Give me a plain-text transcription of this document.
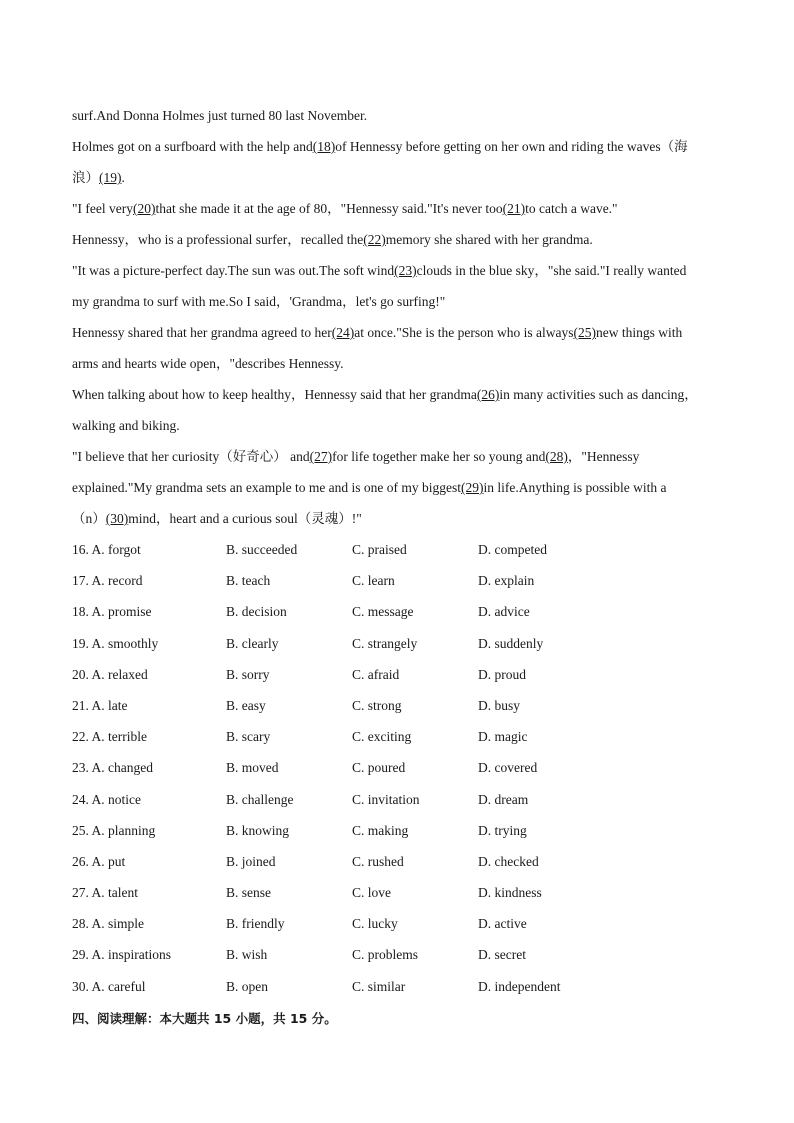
surf.And Donna Holmes just turned 80 last November.
Holmes got on a surfboard with the help and(18)of Hennessy before getting on her own and riding the waves（海
浪）(19).
"I feel very(20)that she made it at the age of 80，"Hennessy said."It's never too(21)to catch a wave."
Hennessy，who is a professional surfer，recalled the(22)memory she shared with her grandma.
"It was a picture-perfect day.The sun was out.The soft wind(23)clouds in the blue sky，"she said."I really wanted
my grandma to surf with me.So I said，'Grandma，let's go surfing!"
Hennessy shared that her grandma agreed to her(24)at once."She is the person who is always(25)new things with
arms and hearts wide open，"describes Hennessy.
When talking about how to keep healthy，Hennessy said that her grandma(26)in many activities such as dancing，
walking and biking.
"I believe that her curiosity（好奇心） and(27)for life together make her so young and(28)，"Hennessy
explained."My grandma sets an example to me and is one of my biggest(29)in life.Anything is possible with a
（n）(30)mind，heart and a curious soul（灵魂）!"
16. A. forgot	B. succeeded	C. praised	D. competed
17. A. record	B. teach	C. learn	D. explain
18. A. promise	B. decision	C. message	D. advice
19. A. smoothly	B. clearly	C. strangely	D. suddenly
20. A. relaxed	B. sorry	C. afraid	D. proud
21. A. late	B. easy	C. strong	D. busy
22. A. terrible	B. scary	C. exciting	D. magic
23. A. changed	B. moved	C. poured	D. covered
24. A. notice	B. challenge	C. invitation	D. dream
25. A. planning	B. knowing	C. making	D. trying
26. A. put	B. joined	C. rushed	D. checked
27. A. talent	B. sense	C. love	D. kindness
28. A. simple	B. friendly	C. lucky	D. active
29. A. inspirations	B. wish	C. problems	D. secret
30. A. careful	B. open	C. similar	D. independent
四、阅读理解：本大题共 15 小题，共 15 分。
